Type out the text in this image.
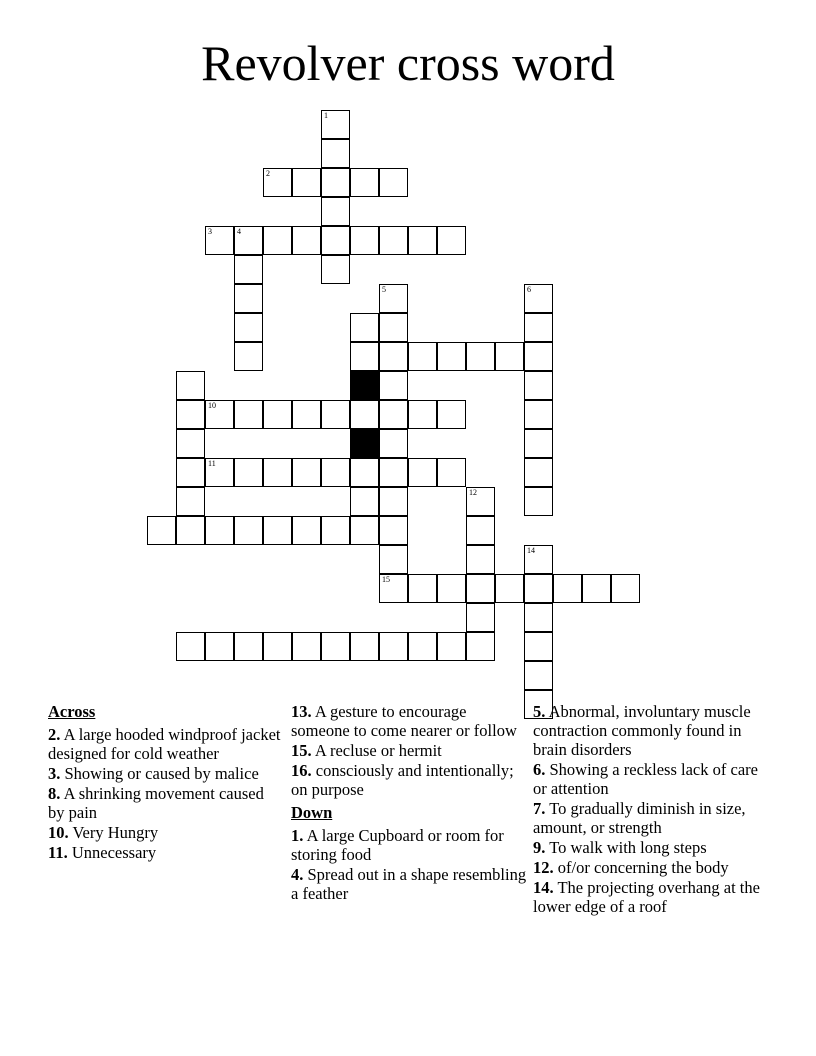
Revolver cross word
1
2
3	4
5	6
10
11
12
14
15
Across
2. A large hooded windproof jacket designed for cold weather
3. Showing or caused by malice
8. A shrinking movement caused by pain
10. Very Hungry
11. Unnecessary
13. A gesture to encourage someone to come nearer or follow
15. A recluse or hermit
16. consciously and intentionally; on purpose
Down
1. A large Cupboard or room for storing food
4. Spread out in a shape resembling a feather
5. Abnormal, involuntary muscle contraction commonly found in brain disorders
6. Showing a reckless lack of care or attention
7. To gradually diminish in size, amount, or strength
9. To walk with long steps
12. of/or concerning the body
14. The projecting overhang at the lower edge of a roof
